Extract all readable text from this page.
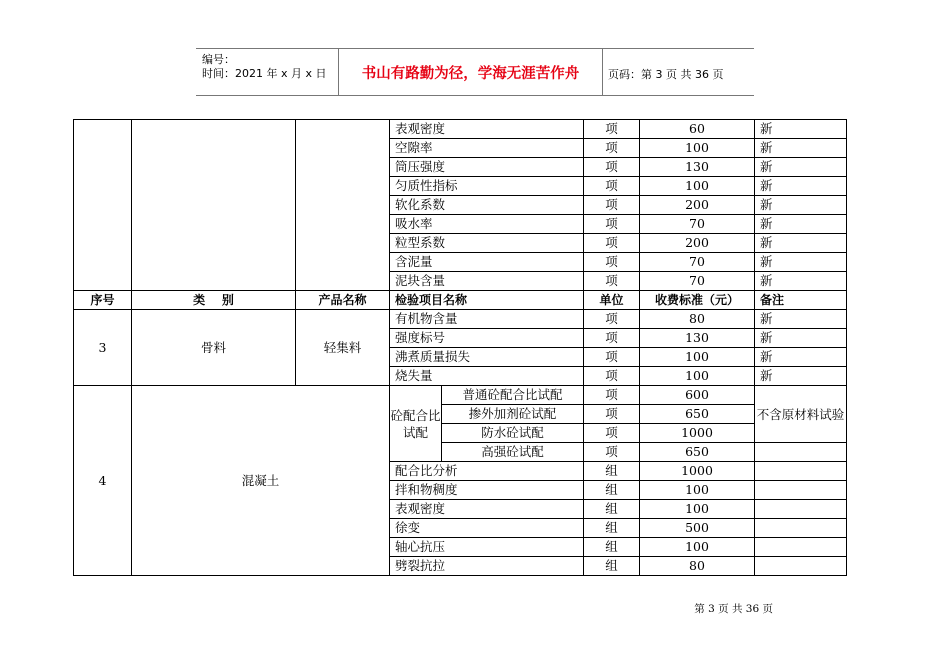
编号：
时间：2021 年 x 月 x 日	书山有路勤为径，学海无涯苦作舟	页码：第 3 页 共 36 页
			表观密度		项	60	新
			空隙率		项	100	新
			筒压强度		项	130	新
			匀质性指标		项	100	新
			软化系数		项	200	新
			吸水率		项	70	新
			粒型系数		项	200	新
			含泥量		项	70	新
			泥块含量		项	70	新
序号	类    别	产品名称	检验项目名称		单位	收费标准（元）	备注
3	骨料	轻集料	有机物含量		项	80	新
			强度标号		项	130	新
			沸煮质量损失		项	100	新
			烧失量		项	100	新
4	混凝土		砼配合比试配	普通砼配合比试配	项	600	不含原材料试验
				掺外加剂砼试配	项	650	
				防水砼试配	项	1000	
				高强砼试配	项	650	
			配合比分析		组	1000	
			拌和物稠度		组	100	
			表观密度		组	100	
			徐变		组	500	
			轴心抗压		组	100	
			劈裂抗拉		组	80	
第 3 页 共 36 页
